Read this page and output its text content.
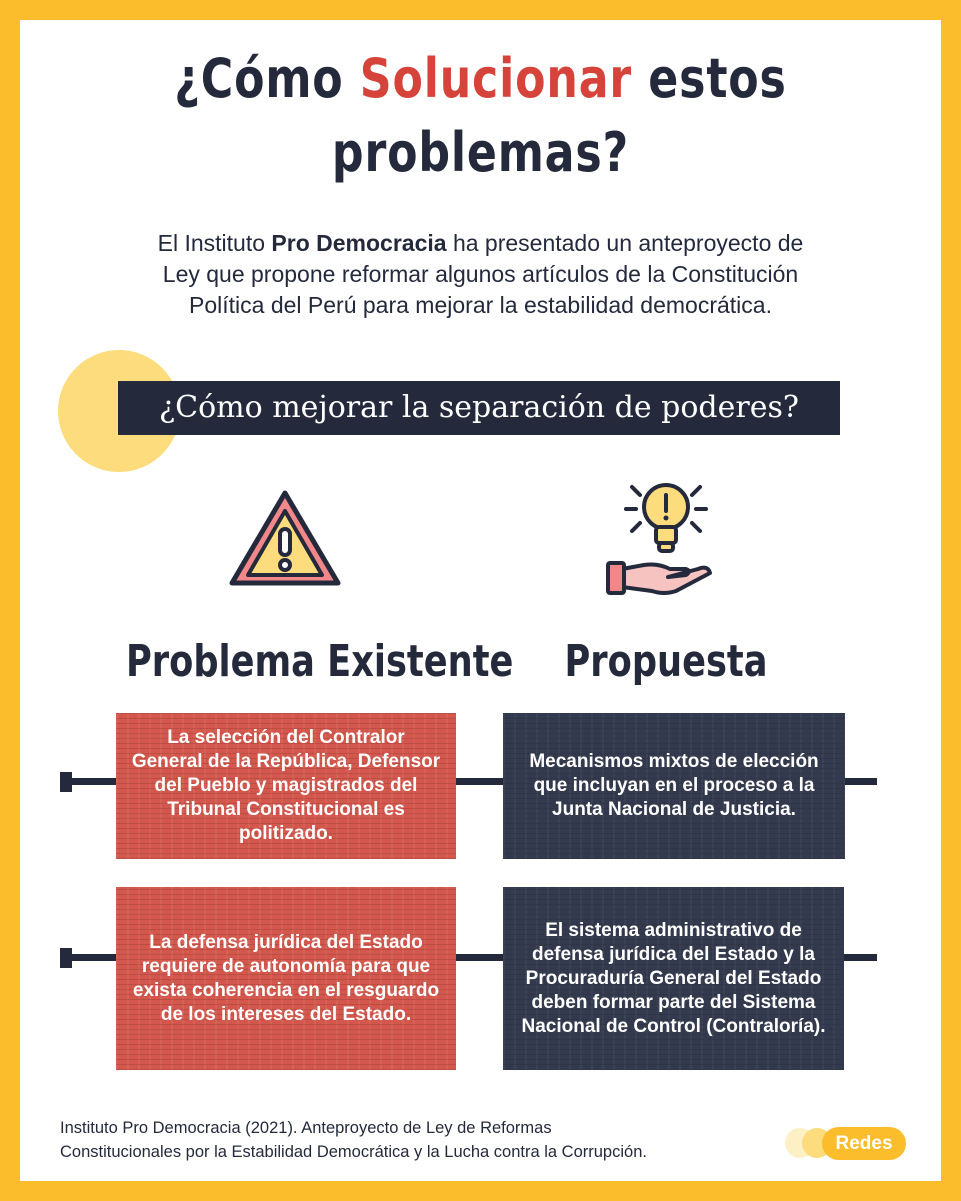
¿Cómo Solucionar estos
problemas?
El Instituto Pro Democracia ha presentado un anteproyecto de
Ley que propone reformar algunos artículos de la Constitución
Política del Perú para mejorar la estabilidad democrática.
¿Cómo mejorar la separación de poderes?
Problema Existente	Propuesta
La selección del Contralor General de la República, Defensor del Pueblo y magistrados del Tribunal Constitucional es politizado.
Mecanismos mixtos de elección que incluyan en el proceso a la Junta Nacional de Justicia.
La defensa jurídica del Estado requiere de autonomía para que exista coherencia en el resguardo de los intereses del Estado.
El sistema administrativo de defensa jurídica del Estado y la Procuraduría General del Estado deben formar parte del Sistema Nacional de Control (Contraloría).
Instituto Pro Democracia (2021). Anteproyecto de Ley de Reformas
Constitucionales por la Estabilidad Democrática y la Lucha contra la Corrupción.	Redes
